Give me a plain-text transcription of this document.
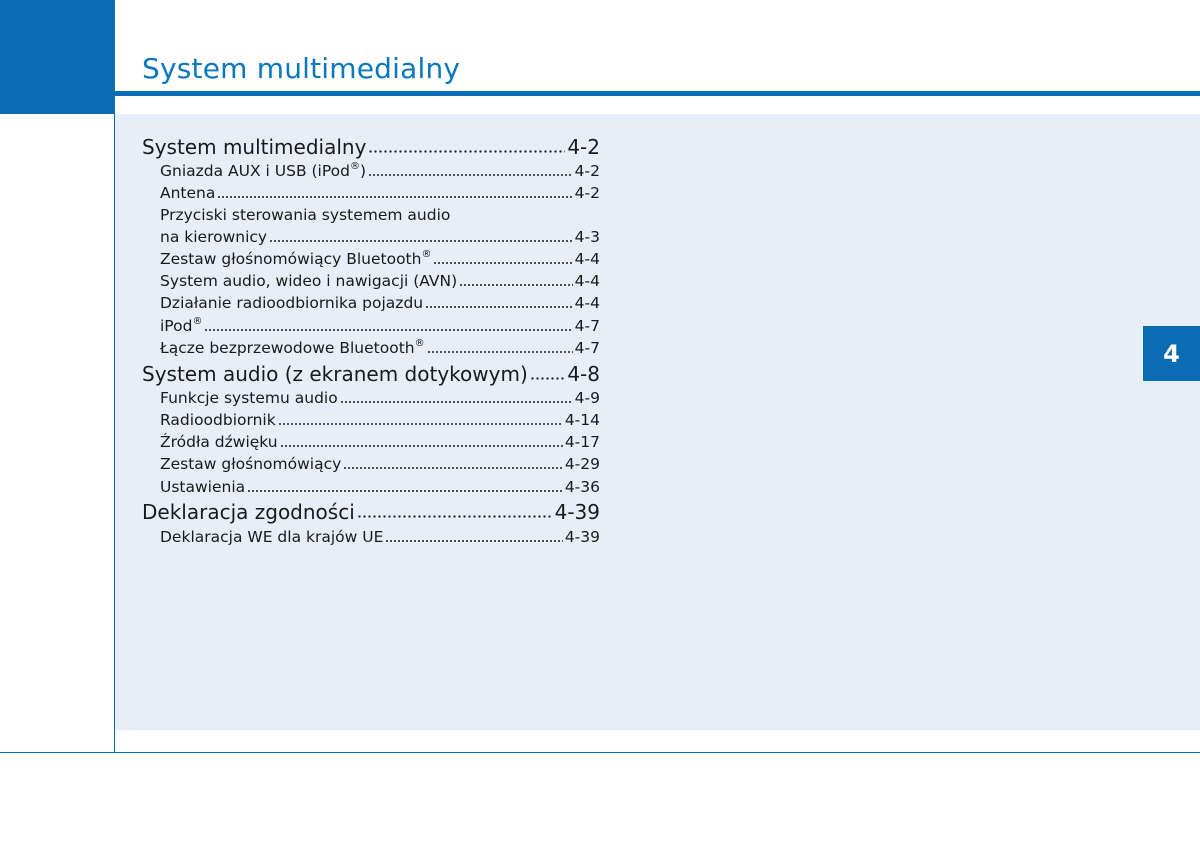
System multimedialny
4
System multimedialny	4-2
Gniazda AUX i USB (iPod®)	4-2
Antena	4-2
Przyciski sterowania systemem audio
na kierownicy	4-3
Zestaw głośnomówiący Bluetooth®	4-4
System audio, wideo i nawigacji (AVN)	4-4
Działanie radioodbiornika pojazdu	4-4
iPod®	4-7
Łącze bezprzewodowe Bluetooth®	4-7
System audio (z ekranem dotykowym) 4-8
Funkcje systemu audio	4-9
Radioodbiornik	4-14
Źródła dźwięku	4-17
Zestaw głośnomówiący	4-29
Ustawienia	4-36
Deklaracja zgodności	4-39
Deklaracja WE dla krajów UE	4-39
